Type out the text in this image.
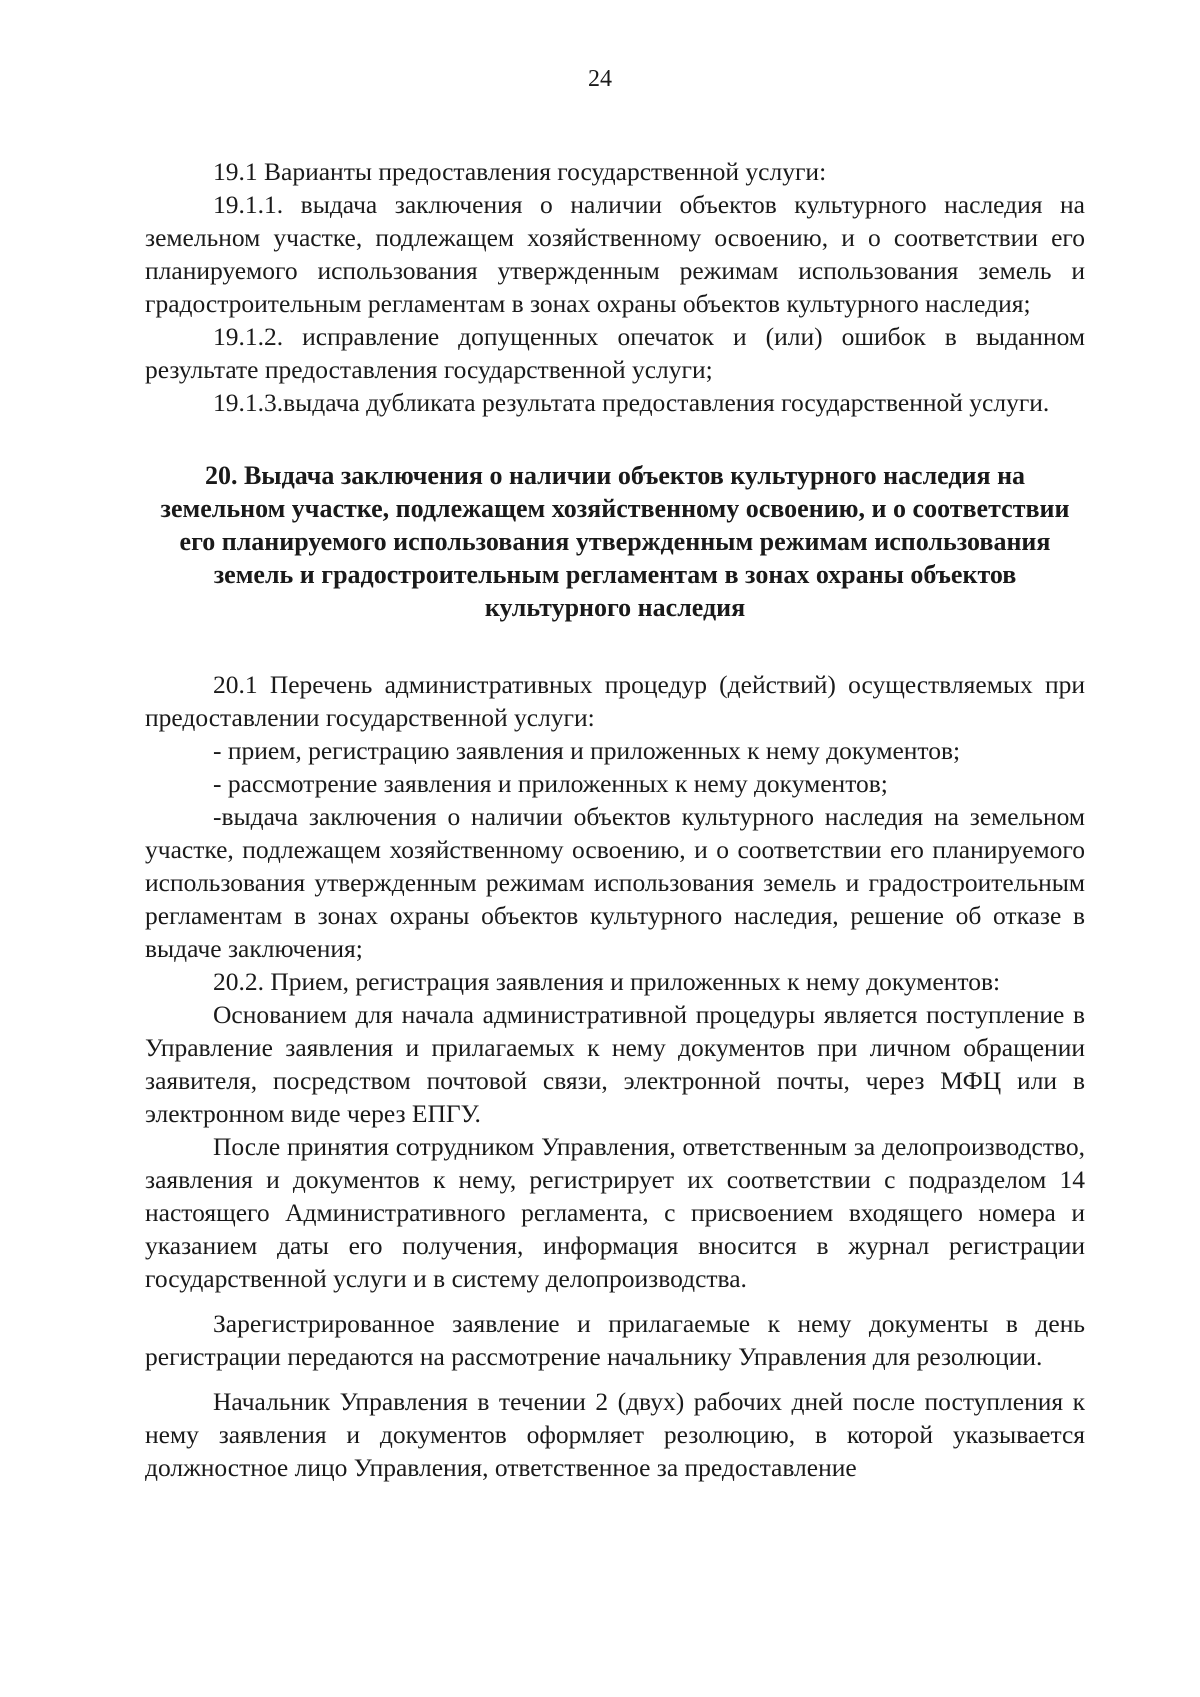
24

19.1 Варианты предоставления государственной услуги:

19.1.1. выдача заключения о наличии объектов культурного наследия на земельном участке, подлежащем хозяйственному освоению, и о соответствии его планируемого использования утвержденным режимам использования земель и градостроительным регламентам в зонах охраны объектов культурного наследия;

19.1.2. исправление допущенных опечаток и (или) ошибок в выданном результате предоставления государственной услуги;

19.1.3.выдача дубликата результата предоставления государственной услуги.

20. Выдача заключения о наличии объектов культурного наследия на земельном участке, подлежащем хозяйственному освоению, и о соответствии его планируемого использования утвержденным режимам использования земель и градостроительным регламентам в зонах охраны объектов культурного наследия

20.1 Перечень административных процедур (действий) осуществляемых при предоставлении государственной услуги:

- прием, регистрацию заявления и приложенных к нему документов;

- рассмотрение заявления и приложенных к нему документов;

-выдача заключения о наличии объектов культурного наследия на земельном участке, подлежащем хозяйственному освоению, и о соответствии его планируемого использования утвержденным режимам использования земель и градостроительным регламентам в зонах охраны объектов культурного наследия, решение об отказе в выдаче заключения;

20.2. Прием, регистрация заявления и приложенных к нему документов:

Основанием для начала административной процедуры является поступление в Управление заявления и прилагаемых к нему документов при личном обращении заявителя, посредством почтовой связи, электронной почты, через МФЦ или в электронном виде через ЕПГУ.

После принятия сотрудником Управления, ответственным за делопроизводство, заявления и документов к нему, регистрирует их соответствии с подразделом 14 настоящего Административного регламента, с присвоением входящего номера и указанием даты его получения, информация вносится в журнал регистрации государственной услуги и в систему делопроизводства.

Зарегистрированное заявление и прилагаемые к нему документы в день регистрации передаются на рассмотрение начальнику Управления для резолюции.

Начальник Управления в течении 2 (двух) рабочих дней после поступления к нему заявления и документов оформляет резолюцию, в которой указывается должностное лицо Управления, ответственное за предоставление
